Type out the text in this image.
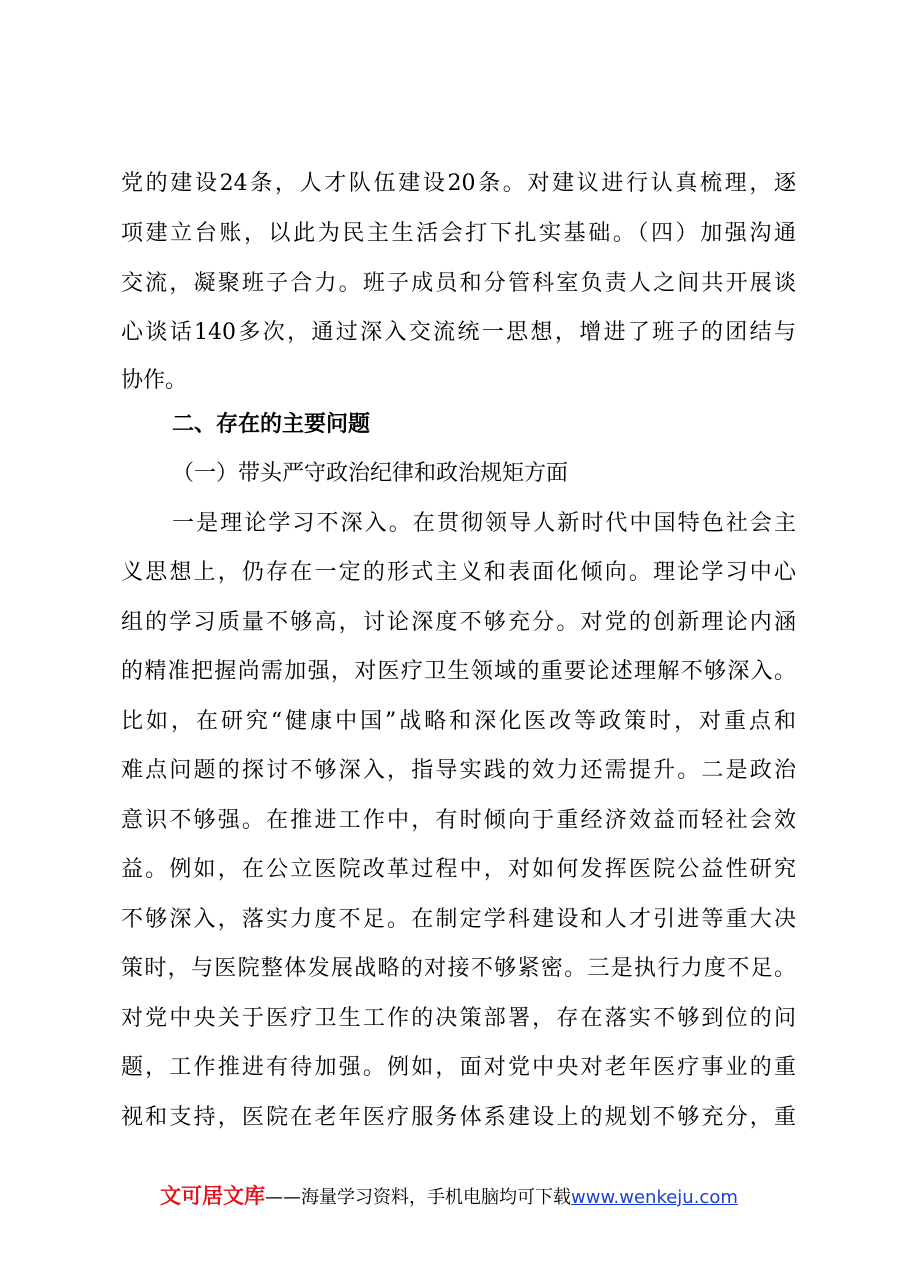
党的建设24条，人才队伍建设20条。对建议进行认真梳理，逐
项建立台账，以此为民主生活会打下扎实基础。（四）加强沟通
交流，凝聚班子合力。班子成员和分管科室负责人之间共开展谈
心谈话140多次，通过深入交流统一思想，增进了班子的团结与
协作。
二、存在的主要问题
（一）带头严守政治纪律和政治规矩方面
一是理论学习不深入。在贯彻领导人新时代中国特色社会主
义思想上，仍存在一定的形式主义和表面化倾向。理论学习中心
组的学习质量不够高，讨论深度不够充分。对党的创新理论内涵
的精准把握尚需加强，对医疗卫生领域的重要论述理解不够深入。
比如，在研究“健康中国”战略和深化医改等政策时，对重点和
难点问题的探讨不够深入，指导实践的效力还需提升。二是政治
意识不够强。在推进工作中，有时倾向于重经济效益而轻社会效
益。例如，在公立医院改革过程中，对如何发挥医院公益性研究
不够深入，落实力度不足。在制定学科建设和人才引进等重大决
策时，与医院整体发展战略的对接不够紧密。三是执行力度不足。
对党中央关于医疗卫生工作的决策部署，存在落实不够到位的问
题，工作推进有待加强。例如，面对党中央对老年医疗事业的重
视和支持，医院在老年医疗服务体系建设上的规划不够充分，重
文可居文库——海量学习资料，手机电脑均可下载www.wenkeju.com
